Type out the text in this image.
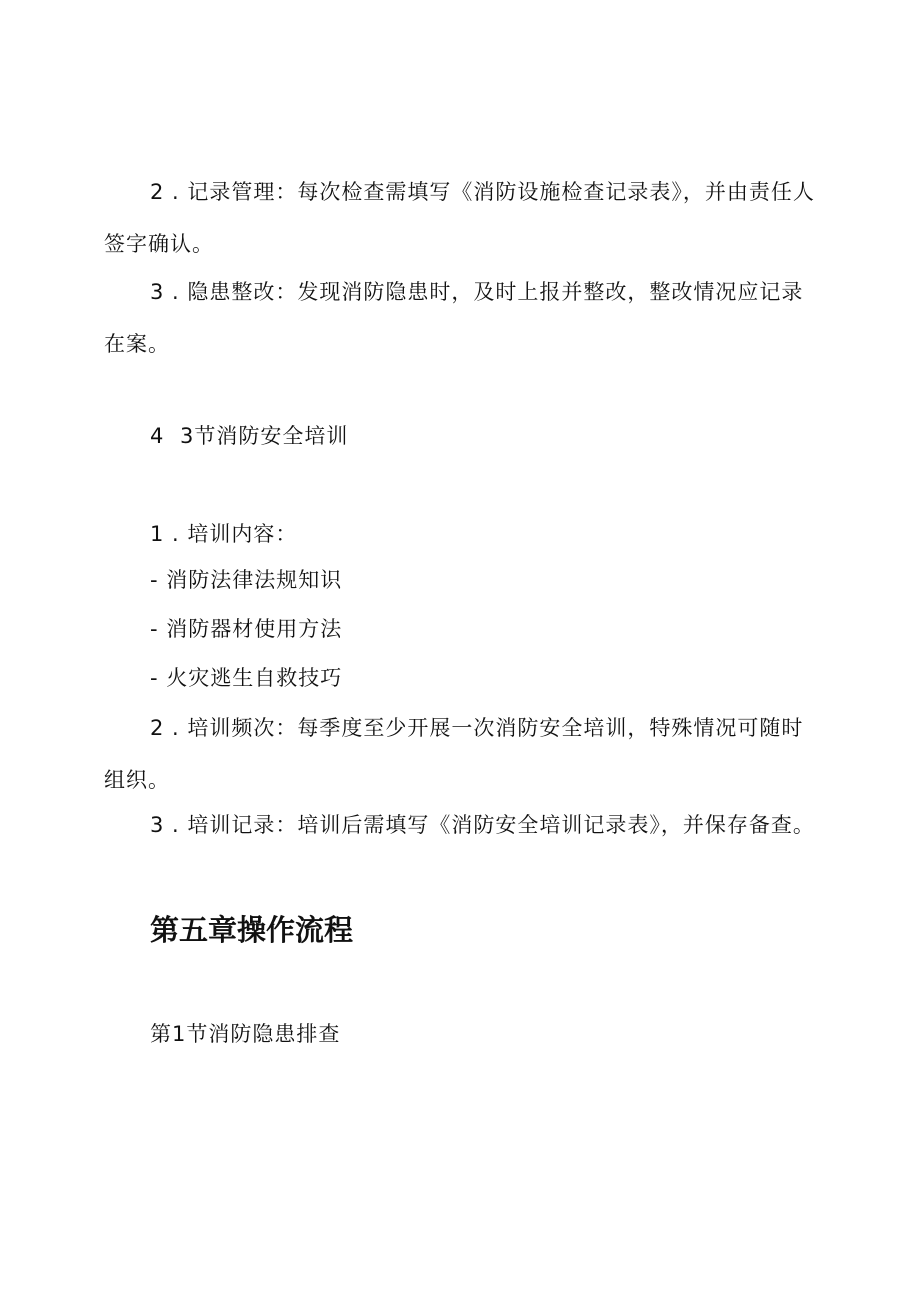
2 . 记录管理：每次检查需填写《消防设施检查记录表》，并由责任人签字确认。

3 . 隐患整改：发现消防隐患时，及时上报并整改，整改情况应记录在案。

4 3节消防安全培训

1 . 培训内容：

- 消防法律法规知识

- 消防器材使用方法

- 火灾逃生自救技巧

2 . 培训频次：每季度至少开展一次消防安全培训，特殊情况可随时组织。

3 . 培训记录：培训后需填写《消防安全培训记录表》，并保存备查。

第五章操作流程

第1节消防隐患排查
